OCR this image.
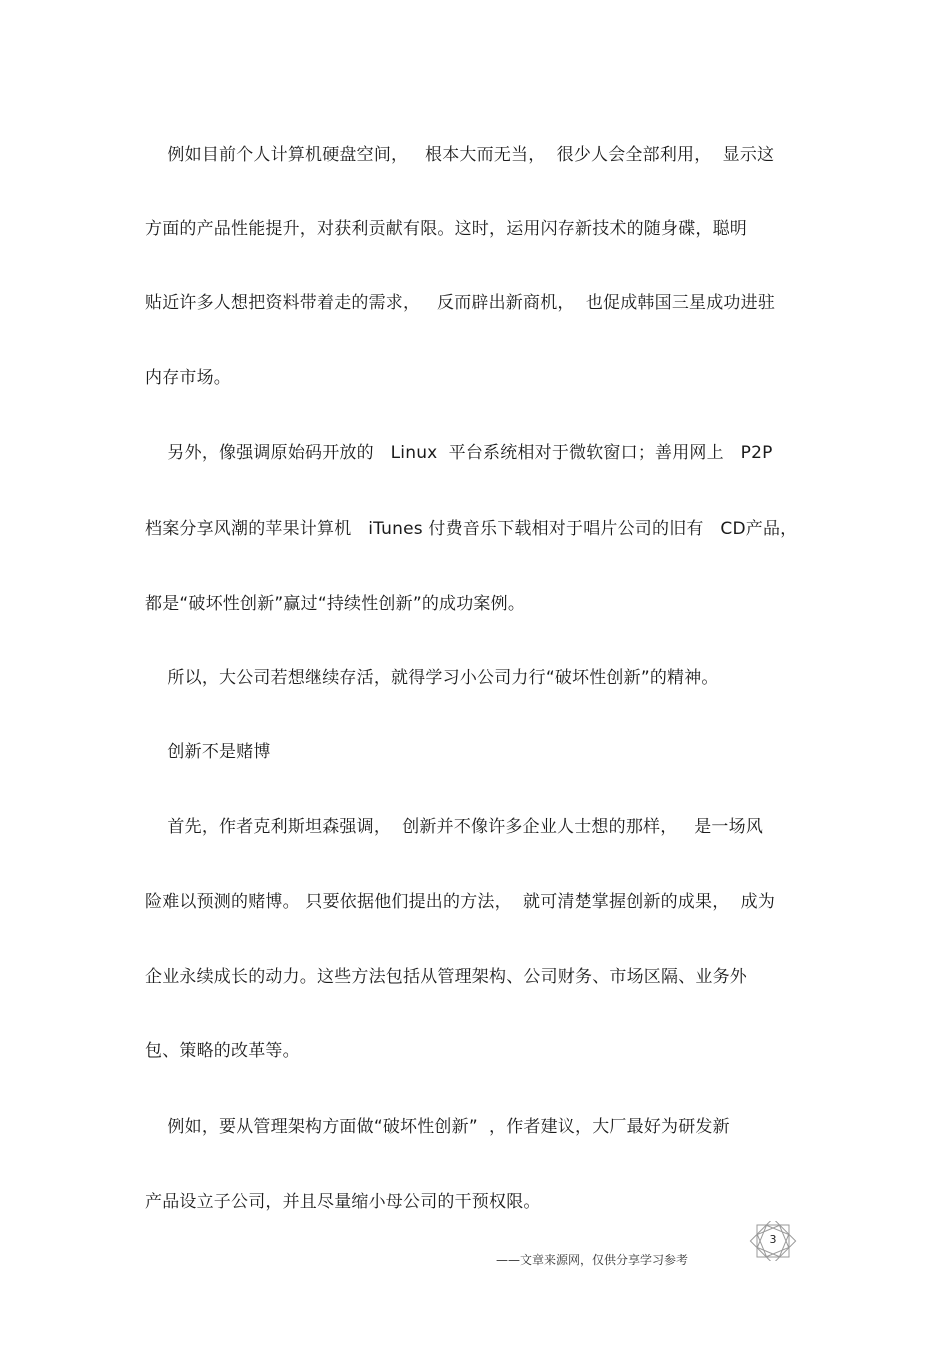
例如目前个人计算机硬盘空间，   根本大而无当，  很少人会全部利用，  显示这
方面的产品性能提升，对获利贡献有限。这时，运用闪存新技术的随身碟，聪明
贴近许多人想把资料带着走的需求，   反而辟出新商机，  也促成韩国三星成功进驻
内存市场。
另外，像强调原始码开放的   Linux  平台系统相对于微软窗口；善用网上   P2P
档案分享风潮的苹果计算机   iTunes 付费音乐下载相对于唱片公司的旧有   CD产品，
都是“破坏性创新”赢过“持续性创新”的成功案例。
所以，大公司若想继续存活，就得学习小公司力行“破坏性创新”的精神。
创新不是赌博
首先，作者克利斯坦森强调，  创新并不像许多企业人士想的那样，   是一场风
险难以预测的赌博。 只要依据他们提出的方法，  就可清楚掌握创新的成果，  成为
企业永续成长的动力。这些方法包括从管理架构、公司财务、市场区隔、业务外
包、策略的改革等。
例如，要从管理架构方面做“破坏性创新”  ，作者建议，大厂最好为研发新
产品设立子公司，并且尽量缩小母公司的干预权限。
——文章来源网，仅供分享学习参考
3
